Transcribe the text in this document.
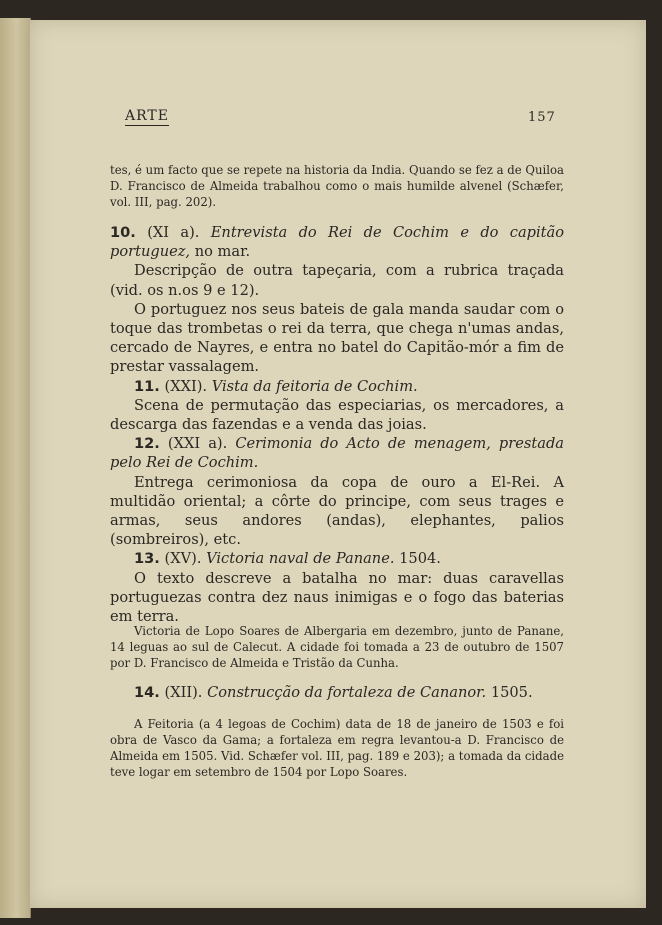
ARTE	157

tes, é um facto que se repete na historia da India. Quando se fez a de Quiloa D. Francisco de Almeida trabalhou como o mais humilde alvenel (Schæfer, vol. III, pag. 202).

10. (XI a). Entrevista do Rei de Cochim e do capitão portuguez, no mar.

Descripção de outra tapeçaria, com a rubrica traçada (vid. os n.os 9 e 12).

O portuguez nos seus bateis de gala manda saudar com o toque das trombetas o rei da terra, que chega n'umas andas, cercado de Nayres, e entra no batel do Capitão-mór a fim de prestar vassalagem.

11. (XXI). Vista da feitoria de Cochim.

Scena de permutação das especiarias, os mercadores, a descarga das fazendas e a venda das joias.

12. (XXI a). Cerimonia do Acto de menagem, prestada pelo Rei de Cochim.

Entrega cerimoniosa da copa de ouro a El-Rei. A multidão oriental; a côrte do principe, com seus trages e armas, seus andores (andas), elephantes, palios (sombreiros), etc.

13. (XV). Victoria naval de Panane. 1504.

O texto descreve a batalha no mar: duas caravellas portuguezas contra dez naus inimigas e o fogo das baterias em terra.

Victoria de Lopo Soares de Albergaria em dezembro, junto de Panane, 14 leguas ao sul de Calecut. A cidade foi tomada a 23 de outubro de 1507 por D. Francisco de Almeida e Tristão da Cunha.

14. (XII). Construcção da fortaleza de Cananor. 1505.

A Feitoria (a 4 legoas de Cochim) data de 18 de janeiro de 1503 e foi obra de Vasco da Gama; a fortaleza em regra levantou-a D. Francisco de Almeida em 1505. Vid. Schæfer vol. III, pag. 189 e 203); a tomada da cidade teve logar em setembro de 1504 por Lopo Soares.
